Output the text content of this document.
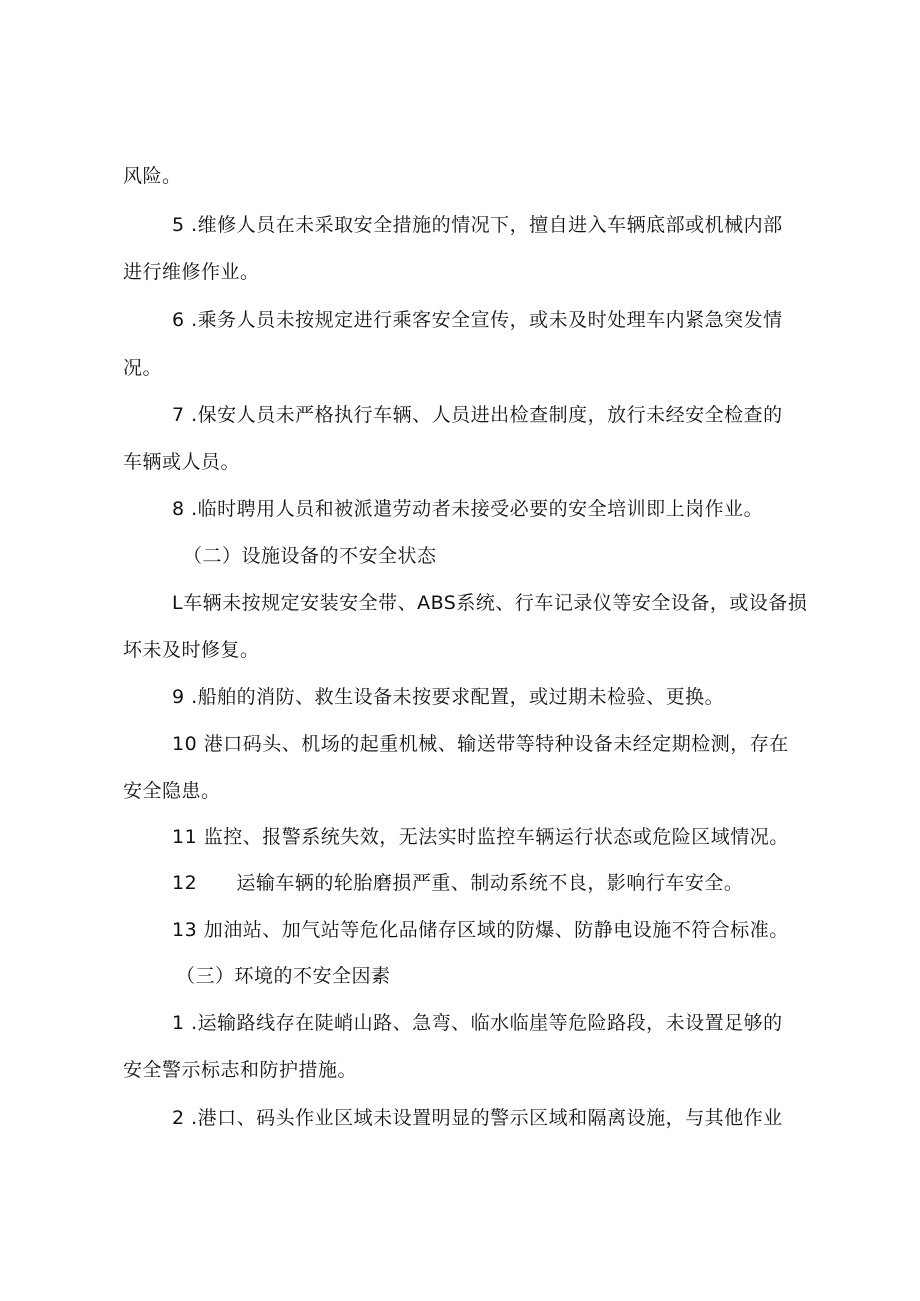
风险。
5 .维修人员在未采取安全措施的情况下，擅自进入车辆底部或机械内部
进行维修作业。
6 .乘务人员未按规定进行乘客安全宣传，或未及时处理车内紧急突发情
况。
7 .保安人员未严格执行车辆、人员进出检查制度，放行未经安全检查的
车辆或人员。
8 .临时聘用人员和被派遣劳动者未接受必要的安全培训即上岗作业。
（二）设施设备的不安全状态
L车辆未按规定安装安全带、ABS系统、行车记录仪等安全设备，或设备损
坏未及时修复。
9 .船舶的消防、救生设备未按要求配置，或过期未检验、更换。
10 港口码头、机场的起重机械、输送带等特种设备未经定期检测，存在
安全隐患。
11 监控、报警系统失效，无法实时监控车辆运行状态或危险区域情况。
12      运输车辆的轮胎磨损严重、制动系统不良，影响行车安全。
13 加油站、加气站等危化品储存区域的防爆、防静电设施不符合标准。
（三）环境的不安全因素
1 .运输路线存在陡峭山路、急弯、临水临崖等危险路段，未设置足够的
安全警示标志和防护措施。
2 .港口、码头作业区域未设置明显的警示区域和隔离设施，与其他作业
